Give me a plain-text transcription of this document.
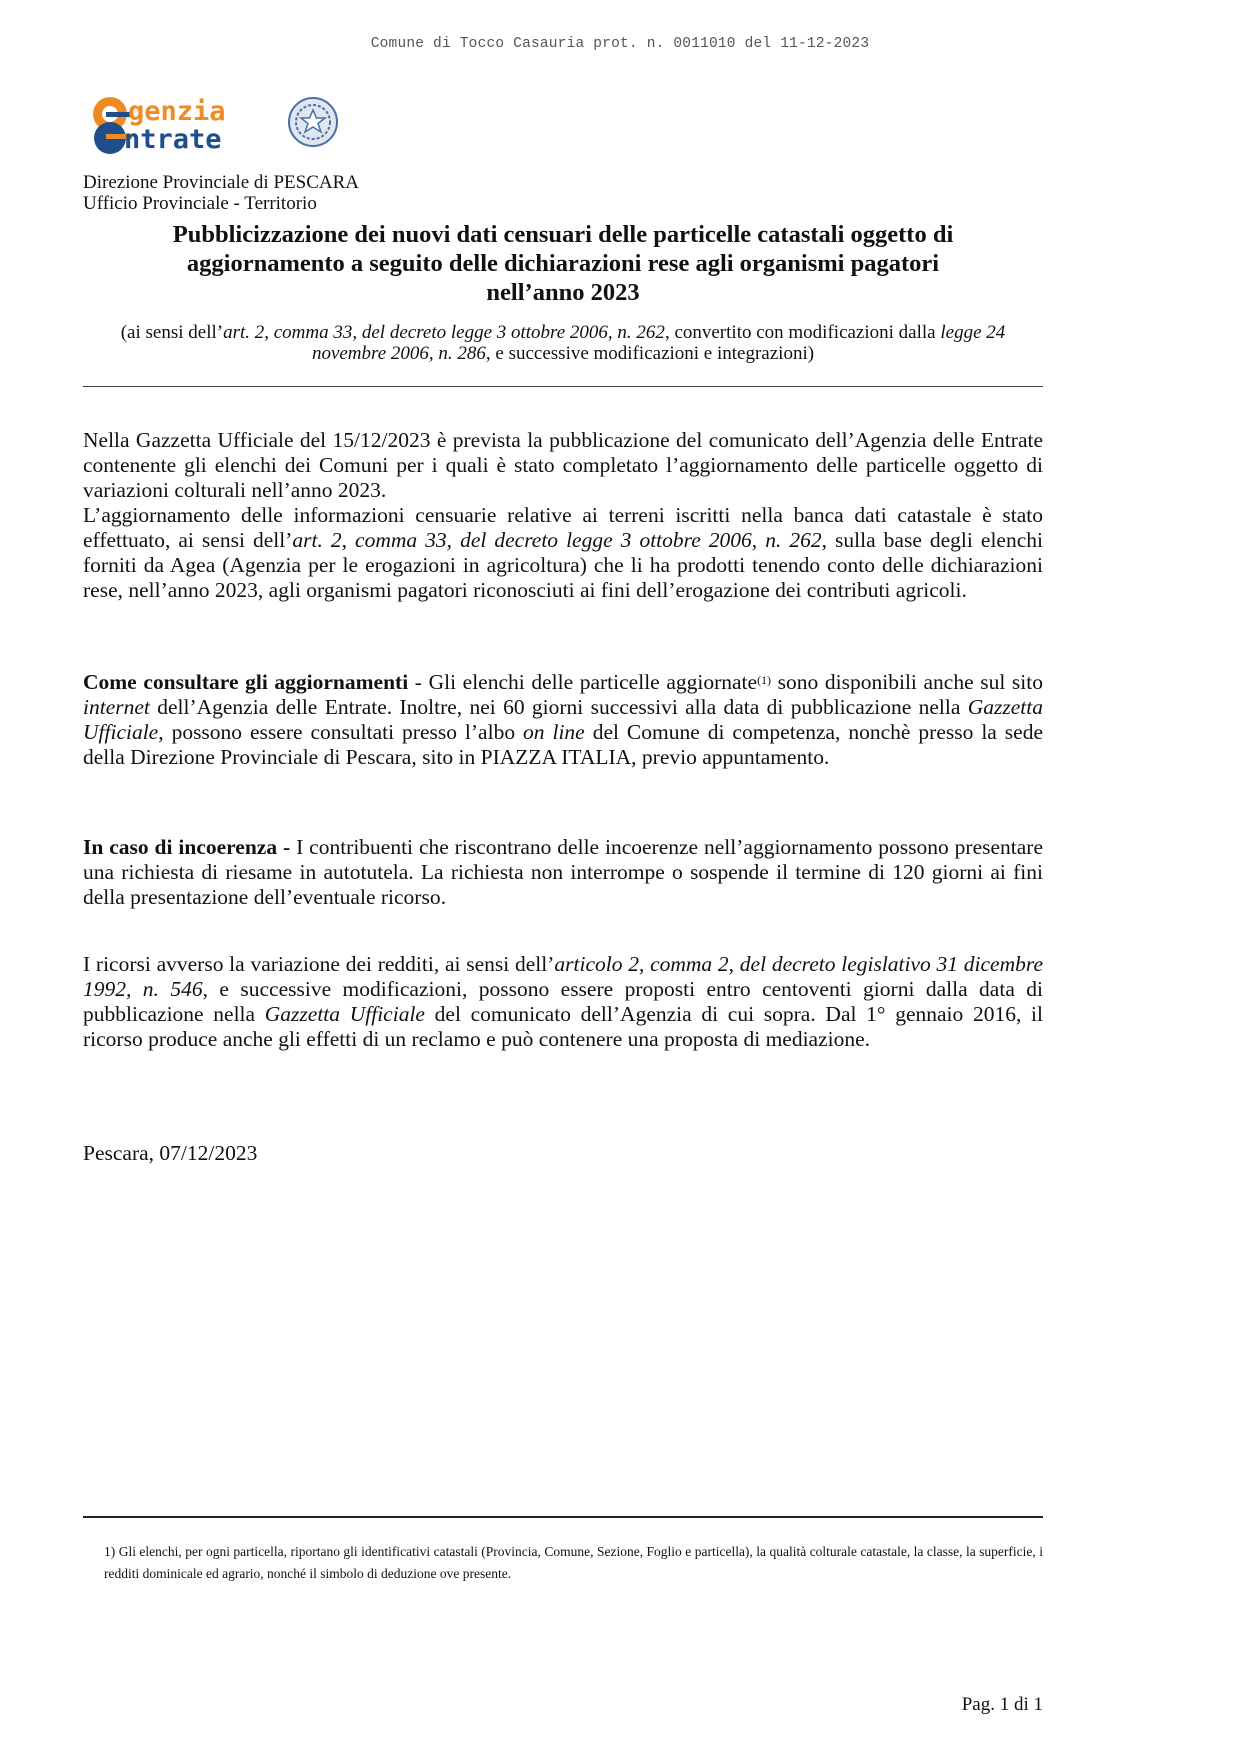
Comune di Tocco Casauria prot. n. 0011010 del 11-12-2023
genzia
ntrate
Direzione Provinciale di PESCARA
Ufficio Provinciale - Territorio
Pubblicizzazione dei nuovi dati censuari delle particelle catastali oggetto di
aggiornamento a seguito delle dichiarazioni rese agli organismi pagatori
nell’anno 2023
(ai sensi dell’art. 2, comma 33, del decreto legge 3 ottobre 2006, n. 262, convertito con modificazioni dalla legge 24 novembre 2006, n. 286, e successive modificazioni e integrazioni)
Nella Gazzetta Ufficiale del 15/12/2023 è prevista la pubblicazione del comunicato dell’Agenzia delle Entrate contenente gli elenchi dei Comuni per i quali è stato completato l’aggiornamento delle particelle oggetto di variazioni colturali nell’anno 2023.
L’aggiornamento delle informazioni censuarie relative ai terreni iscritti nella banca dati catastale è stato effettuato, ai sensi dell’art. 2, comma 33, del decreto legge 3 ottobre 2006, n. 262, sulla base degli elenchi forniti da Agea (Agenzia per le erogazioni in agricoltura) che li ha prodotti tenendo conto delle dichiarazioni rese, nell’anno 2023, agli organismi pagatori riconosciuti ai fini dell’erogazione dei contributi agricoli.
Come consultare gli aggiornamenti - Gli elenchi delle particelle aggiornate$^{(1)}$ sono disponibili anche sul sito internet dell’Agenzia delle Entrate. Inoltre, nei 60 giorni successivi alla data di pubblicazione nella Gazzetta Ufficiale, possono essere consultati presso l’albo on line del Comune di competenza, nonchè presso la sede della Direzione Provinciale di Pescara, sito in PIAZZA ITALIA, previo appuntamento.
In caso di incoerenza - I contribuenti che riscontrano delle incoerenze nell’aggiornamento possono presentare una richiesta di riesame in autotutela. La richiesta non interrompe o sospende il termine di 120 giorni ai fini della presentazione dell’eventuale ricorso.
I ricorsi avverso la variazione dei redditi, ai sensi dell’articolo 2, comma 2, del decreto legislativo 31 dicembre 1992, n. 546, e successive modificazioni, possono essere proposti entro centoventi giorni dalla data di pubblicazione nella Gazzetta Ufficiale del comunicato dell’Agenzia di cui sopra. Dal 1° gennaio 2016, il ricorso produce anche gli effetti di un reclamo e può contenere una proposta di mediazione.
Pescara, 07/12/2023
1) Gli elenchi, per ogni particella, riportano gli identificativi catastali (Provincia, Comune, Sezione, Foglio e particella), la qualità colturale catastale, la classe, la superficie, i redditi dominicale ed agrario, nonché il simbolo di deduzione ove presente.
Pag. 1 di 1
